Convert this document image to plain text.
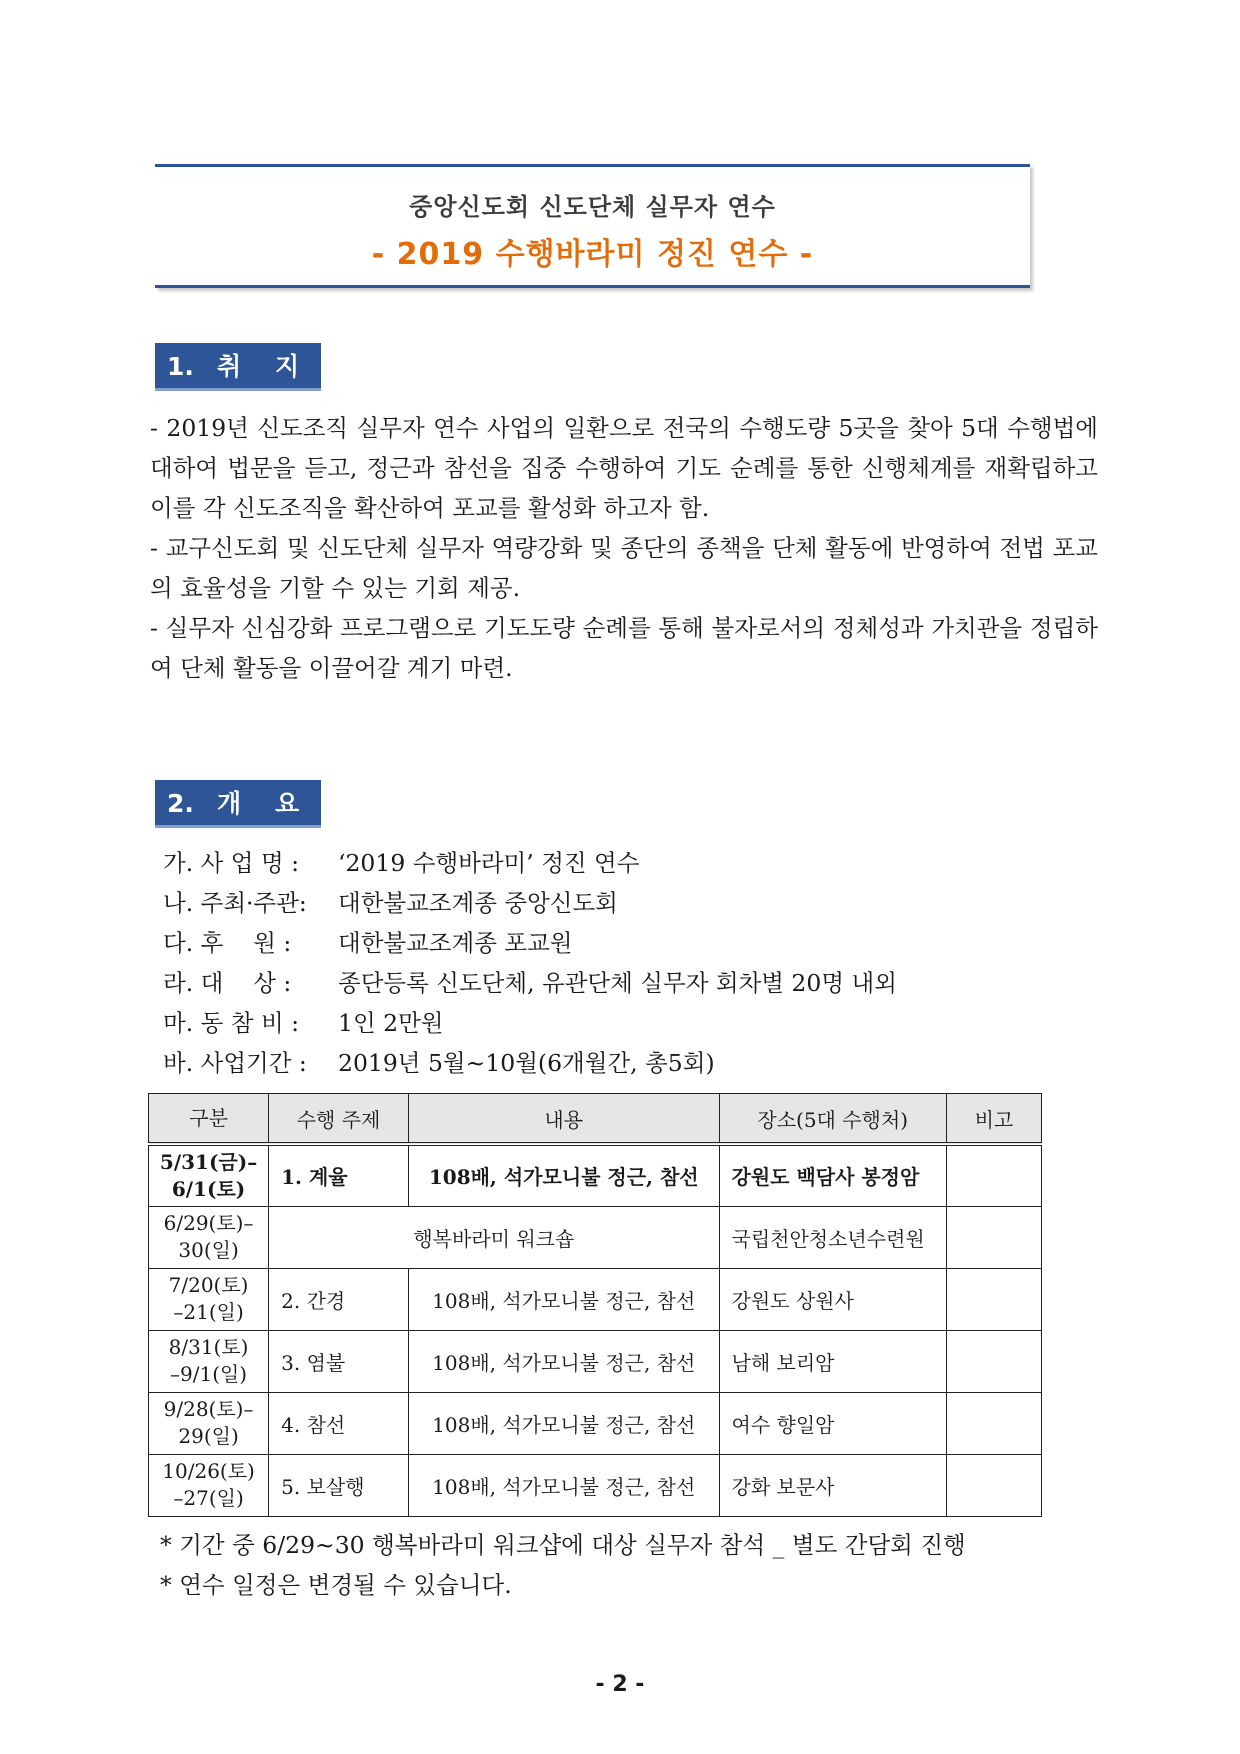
중앙신도회 신도단체 실무자 연수
- 2019 수행바라미 정진 연수 -
1. 취 지

- 2019년 신도조직 실무자 연수 사업의 일환으로 전국의 수행도량 5곳을 찾아 5대 수행법에 대하여 법문을 듣고, 정근과 참선을 집중 수행하여 기도 순례를 통한 신행체계를 재확립하고 이를 각 신도조직을 확산하여 포교를 활성화 하고자 함.

- 교구신도회 및 신도단체 실무자 역량강화 및 종단의 종책을 단체 활동에 반영하여 전법 포교의 효율성을 기할 수 있는 기회 제공.

- 실무자 신심강화 프로그램으로 기도도량 순례를 통해 불자로서의 정체성과 가치관을 정립하여 단체 활동을 이끌어갈 계기 마련.

2. 개 요
가. 사 업 명 : ‘2019 수행바라미’ 정진 연수
나. 주최·주관: 대한불교조계종 중앙신도회
다. 후    원 : 대한불교조계종 포교원
라. 대    상 : 종단등록 신도단체, 유관단체 실무자 회차별 20명 내외
마. 동 참 비 : 1인 2만원
바. 사업기간 : 2019년 5월~10월(6개월간, 총5회)
구분	수행 주제	내용	장소(5대 수행처)	비고

5/31(금)–
6/1(토)	1. 계율	108배, 석가모니불 정근, 참선	강원도 백담사 봉정암	

6/29(토)–
30(일)	행복바라미 워크숍		국립천안청소년수련원	

7/20(토)
–21(일)	2. 간경	108배, 석가모니불 정근, 참선	강원도 상원사	

8/31(토)
–9/1(일)	3. 염불	108배, 석가모니불 정근, 참선	남해 보리암	

9/28(토)–
29(일)	4. 참선	108배, 석가모니불 정근, 참선	여수 향일암	

10/26(토)
–27(일)	5. 보살행	108배, 석가모니불 정근, 참선	강화 보문사	
* 기간 중 6/29~30 행복바라미 워크샵에 대상 실무자 참석 _ 별도 간담회 진행
* 연수 일정은 변경될 수 있습니다.
- 2 -
